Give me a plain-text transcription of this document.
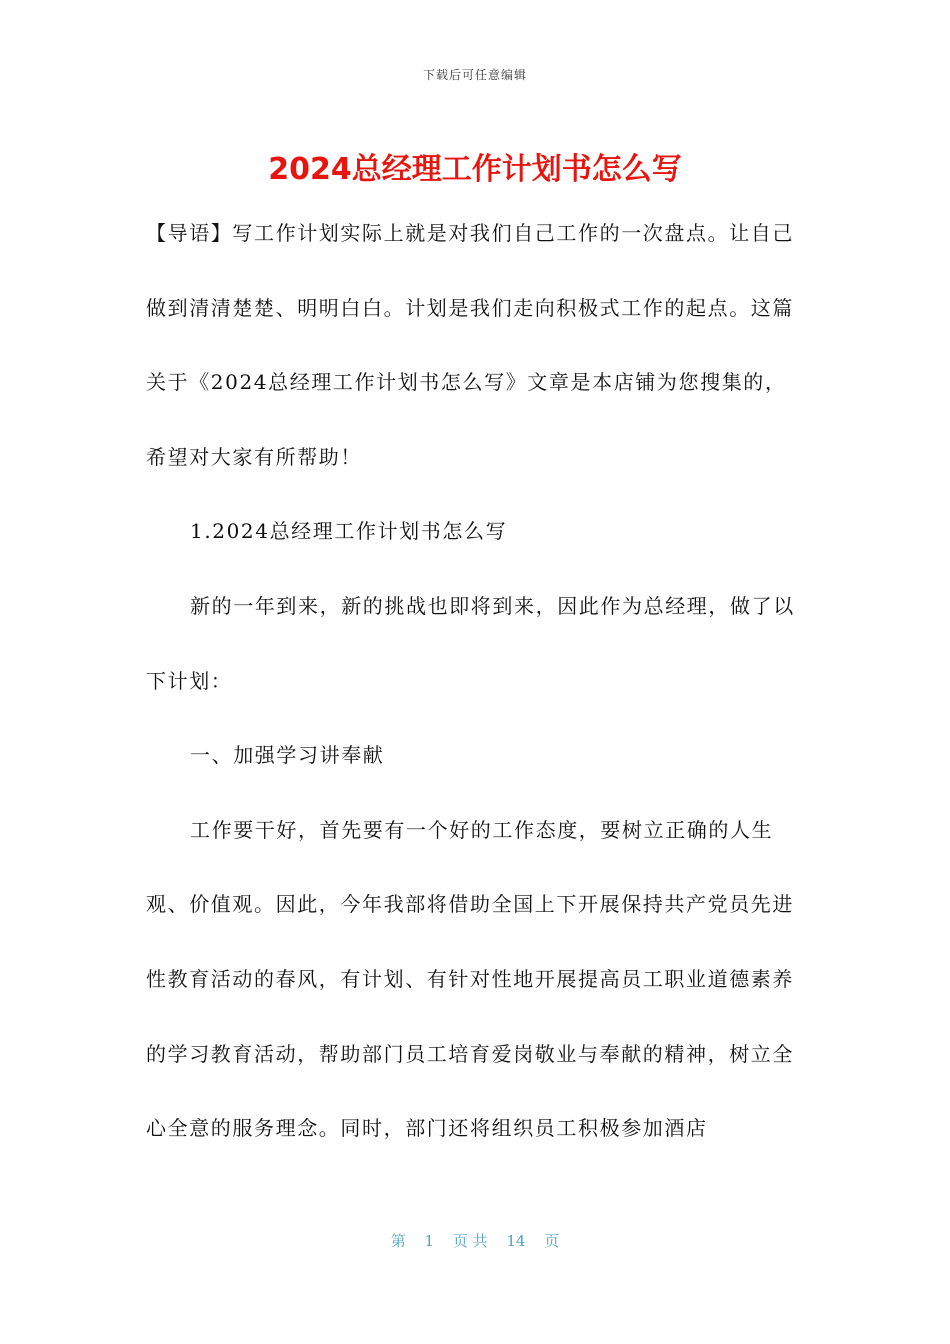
下载后可任意编辑
2024总经理工作计划书怎么写

【导语】写工作计划实际上就是对我们自己工作的一次盘点。让自己做到清清楚楚、明明白白。计划是我们走向积极式工作的起点。这篇关于《2024总经理工作计划书怎么写》文章是本店铺为您搜集的，希望对大家有所帮助！

1.2024总经理工作计划书怎么写

新的一年到来，新的挑战也即将到来，因此作为总经理，做了以下计划：

一、加强学习讲奉献

工作要干好，首先要有一个好的工作态度，要树立正确的人生观、价值观。因此，今年我部将借助全国上下开展保持共产党员先进性教育活动的春风，有计划、有针对性地开展提高员工职业道德素养的学习教育活动，帮助部门员工培育爱岗敬业与奉献的精神，树立全心全意的服务理念。同时，部门还将组织员工积极参加酒店

第 1 页 共 14 页
